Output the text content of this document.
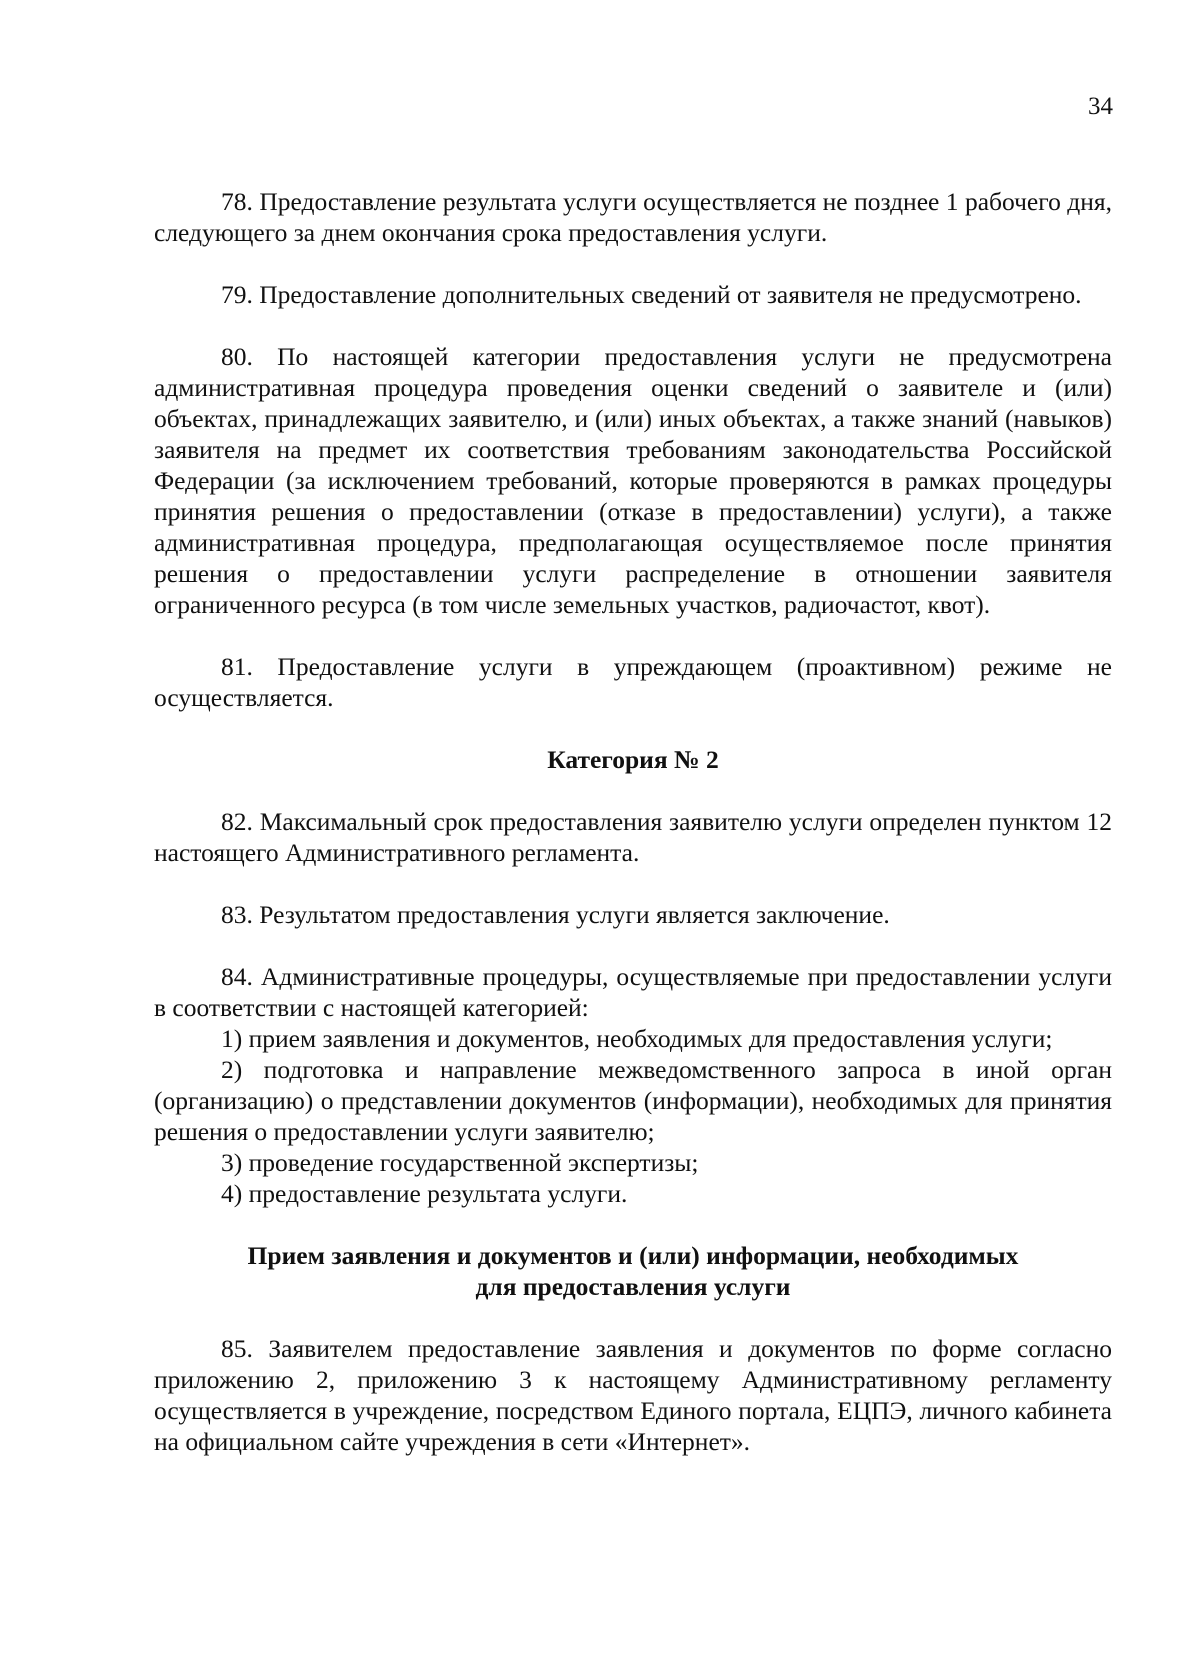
34

78. Предоставление результата услуги осуществляется не позднее 1 рабочего дня, следующего за днем окончания срока предоставления услуги.

79. Предоставление дополнительных сведений от заявителя не предусмотрено.

80. По настоящей категории предоставления услуги не предусмотрена административная процедура проведения оценки сведений о заявителе и (или) объектах, принадлежащих заявителю, и (или) иных объектах, а также знаний (навыков) заявителя на предмет их соответствия требованиям законодательства Российской Федерации (за исключением требований, которые проверяются в рамках процедуры принятия решения о предоставлении (отказе в предоставлении) услуги), а также административная процедура, предполагающая осуществляемое после принятия решения о предоставлении услуги распределение в отношении заявителя ограниченного ресурса (в том числе земельных участков, радиочастот, квот).

81. Предоставление услуги в упреждающем (проактивном) режиме не осуществляется.

Категория № 2

82. Максимальный срок предоставления заявителю услуги определен пунктом 12 настоящего Административного регламента.

83. Результатом предоставления услуги является заключение.

84. Административные процедуры, осуществляемые при предоставлении услуги в соответствии с настоящей категорией:

1) прием заявления и документов, необходимых для предоставления услуги;

2) подготовка и направление межведомственного запроса в иной орган (организацию) о представлении документов (информации), необходимых для принятия решения о предоставлении услуги заявителю;

3) проведение государственной экспертизы;

4) предоставление результата услуги.

Прием заявления и документов и (или) информации, необходимых
для предоставления услуги

85. Заявителем предоставление заявления и документов по форме согласно приложению 2, приложению 3 к настоящему Административному регламенту осуществляется в учреждение, посредством Единого портала, ЕЦПЭ, личного кабинета на официальном сайте учреждения в сети «Интернет».
